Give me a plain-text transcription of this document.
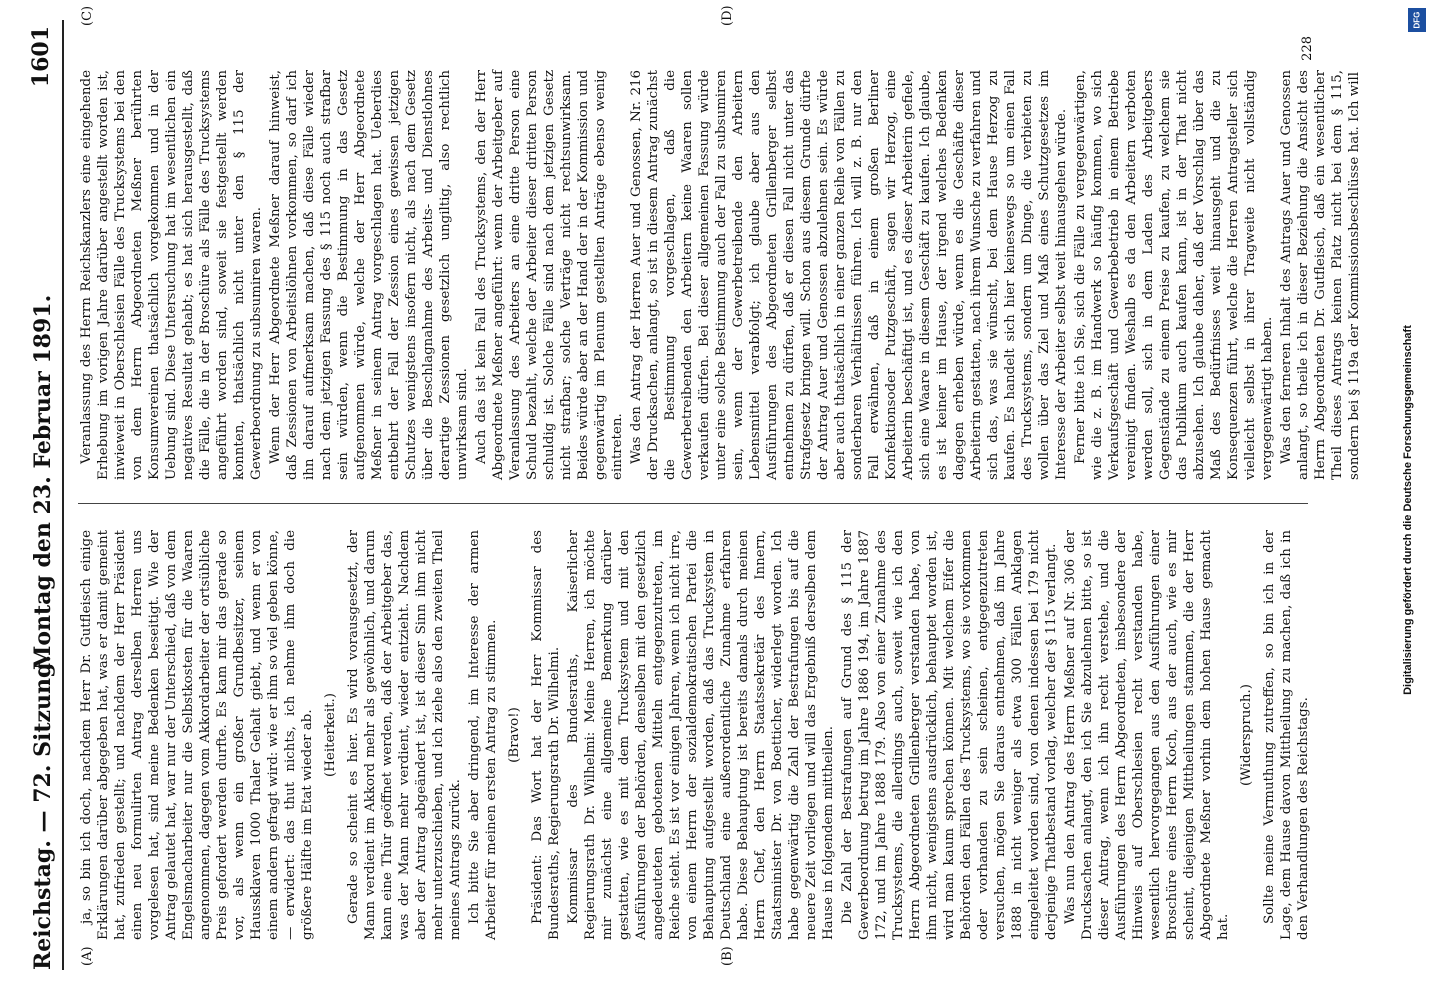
Reichstag. — 72. Sitzung.
Montag den 23. Februar 1891.
1601
(A)	(B)
(C)	(D)

ja, so bin ich doch, nachdem Herr Dr. Gutfleisch einige Erklärungen darüber abgegeben hat, was er damit gemeint hat, zufrieden gestellt; und nachdem der Herr Präsident einen neu formulirten Antrag derselben Herren uns vorgelesen hat, sind meine Bedenken beseitigt. Wie der Antrag gelautet hat, war nur der Unterschied, daß von dem Engelsmacharbeiter nur die Selbstkosten für die Waaren angenommen, dagegen vom Akkordarbeiter der ortsübliche Preis gefordert werden durfte. Es kam mir das gerade so vor, als wenn ein großer Grundbesitzer, seinem Haussklaven 1000 Thaler Gehalt giebt, und wenn er von einem andern gefragt wird: wie er ihm so viel geben könne, — erwidert: das thut nichts, ich nehme ihm doch die größere Hälfte im Etat wieder ab. (Heiterkeit.) Gerade so scheint es hier. Es wird vorausgesetzt, der Mann verdient im Akkord mehr als gewöhnlich, und darum kann eine Thür geöffnet werden, daß der Arbeitgeber das, was der Mann mehr verdient, wieder entzieht. Nachdem aber der Antrag abgeändert ist, ist dieser Sinn ihm nicht mehr unterzuschieben, und ich ziehe also den zweiten Theil meines Antrags zurück. Ich bitte Sie aber dringend, im Interesse der armen Arbeiter für meinen ersten Antrag zu stimmen. (Bravo!) Präsident: Das Wort hat der Herr Kommissar des Bundesraths, Regierungsrath Dr. Wilhelmi. Kommissar des Bundesraths, Kaiserlicher Regierungsrath Dr. Wilhelmi: Meine Herren, ich möchte mir zunächst eine allgemeine Bemerkung darüber gestatten, wie es mit dem Trucksystem und mit den Ausführungen der Behörden, denselben mit den gesetzlich angedeuteten gebotenen Mitteln entgegenzutreten, im Reiche steht. Es ist vor einigen Jahren, wenn ich nicht irre, von einem Herrn der sozialdemokratischen Partei die Behauptung aufgestellt worden, daß das Trucksystem in Deutschland eine außerordentliche Zunahme erfahren habe. Diese Behauptung ist bereits damals durch meinen Herrn Chef, den Herrn Staatssekretär des Innern, Staatsminister Dr. von Boetticher, widerlegt worden. Ich habe gegenwärtig die Zahl der Bestrafungen bis auf die neuere Zeit vorliegen und will das Ergebniß derselben dem Hause in folgendem mittheilen. Die Zahl der Bestrafungen auf Grund des § 115 der Gewerbeordnung betrug im Jahre 1886 194, im Jahre 1887 172, und im Jahre 1888 179. Also von einer Zunahme des Trucksystems, die allerdings auch, soweit wie ich den Herrn Abgeordneten Grillenberger verstanden habe, von ihm nicht, wenigstens ausdrücklich, behauptet worden ist, wird man kaum sprechen können. Mit welchem Eifer die Behörden den Fällen des Trucksystems, wo sie vorkommen oder vorhanden zu sein scheinen, entgegenzutreten versuchen, mögen Sie daraus entnehmen, daß im Jahre 1888 in nicht weniger als etwa 300 Fällen Anklagen eingeleitet worden sind, von denen indessen bei 179 nicht derjenige Thatbestand vorlag, welcher der § 115 verlangt. Was nun den Antrag des Herrn Meßner auf Nr. 306 der Drucksachen anlangt, den ich Sie abzulehnen bitte, so ist dieser Antrag, wenn ich ihn recht verstehe, und die Ausführungen des Herrn Abgeordneten, insbesondere der Hinweis auf Oberschlesien recht verstanden habe, wesentlich hervorgegangen aus den Ausführungen einer Broschüre eines Herrn Koch, aus der auch, wie es mir scheint, diejenigen Mittheilungen stammen, die der Herr Abgeordnete Meßner vorhin dem hohen Hause gemacht hat.

(Widerspruch.) Sollte meine Vermuthung zutreffen, so bin ich in der Lage, dem Hause davon Mittheilung zu machen, daß ich in den Verhandlungen des Reichstags.

Veranlassung des Herrn Reichskanzlers eine eingehende Erhebung im vorigen Jahre darüber angestellt worden ist, inwieweit in Oberschlesien Fälle des Trucksystems bei den von dem Herrn Abgeordneten Meßner berührten Konsumvereinen thatsächlich vorgekommen und in der Uebung sind. Diese Untersuchung hat im wesentlichen ein negatives Resultat gehabt; es hat sich herausgestellt, daß die Fälle, die in der Broschüre als Fälle des Trucksystems angeführt worden sind, soweit sie festgestellt werden konnten, thatsächlich nicht unter den § 115 der Gewerbeordnung zu subsumiren waren. Wenn der Herr Abgeordnete Meßner darauf hinweist, daß Zessionen von Arbeitslöhnen vorkommen, so darf ich ihn darauf aufmerksam machen, daß diese Fälle wieder nach dem jetzigen Fassung des § 115 noch auch strafbar sein würden, wenn die Bestimmung in das Gesetz aufgenommen würde, welche der Herr Abgeordnete Meßner in seinem Antrag vorgeschlagen hat. Ueberdies entbehrt der Fall der Zession eines gewissen jetzigen Schutzes wenigstens insofern nicht, als nach dem Gesetz über die Beschlagnahme des Arbeits- und Dienstlohnes derartige Zessionen gesetzlich ungiltig, also rechtlich unwirksam sind. Auch das ist kein Fall des Trucksystems, den der Herr Abgeordnete Meßner angeführt: wenn der Arbeitgeber auf Veranlassung des Arbeiters an eine dritte Person eine Schuld bezahlt, welche der Arbeiter dieser dritten Person schuldig ist. Solche Fälle sind nach dem jetzigen Gesetz nicht strafbar; solche Verträge nicht rechtsunwirksam. Beides würde aber an der Hand der in der Kommission und gegenwärtig im Plenum gestellten Anträge ebenso wenig eintreten. Was den Antrag der Herren Auer und Genossen, Nr. 216 der Drucksachen, anlangt, so ist in diesem Antrag zunächst die Bestimmung vorgeschlagen, daß die Gewerbetreibenden den Arbeitern keine Waaren sollen verkaufen dürfen. Bei dieser allgemeinen Fassung würde unter eine solche Bestimmung auch der Fall zu subsumiren sein, wenn der Gewerbetreibende den Arbeitern Lebensmittel verabfolgt; ich glaube aber aus den Ausführungen des Abgeordneten Grillenberger selbst entnehmen zu dürfen, daß er diesen Fall nicht unter das Strafgesetz bringen will. Schon aus diesem Grunde dürfte der Antrag Auer und Genossen abzulehnen sein. Es würde aber auch thatsächlich in einer ganzen Reihe von Fällen zu sonderbaren Verhältnissen führen. Ich will z. B. nur den Fall erwähnen, daß in einem großen Berliner Konfektionsoder Putzgeschäft, sagen wir Herzog, eine Arbeiterin beschäftigt ist, und es dieser Arbeiterin gefiele, sich eine Waare in diesem Geschäft zu kaufen. Ich glaube, es ist keiner im Hause, der irgend welches Bedenken dagegen erheben würde, wenn es die Geschäfte dieser Arbeiterin gestatten, nach ihrem Wunsche zu verfahren und sich das, was sie wünscht, bei dem Hause Herzog zu kaufen. Es handelt sich hier keineswegs so um einen Fall des Trucksystems, sondern um Dinge, die verbieten zu wollen über das Ziel und Maß eines Schutzgesetzes im Interesse der Arbeiter selbst weit hinausgehen würde. Ferner bitte ich Sie, sich die Fälle zu vergegenwärtigen, wie die z. B. im Handwerk so häufig kommen, wo sich Verkaufsgeschäft und Gewerbebetrieb in einem Betriebe vereinigt finden. Weshalb es da den Arbeitern verboten werden soll, sich in dem Laden des Arbeitgebers Gegenstände zu einem Preise zu kaufen, zu welchem sie das Publikum auch kaufen kann, ist in der That nicht abzusehen. Ich glaube daher, daß der Vorschlag über das Maß des Bedürfnisses weit hinausgeht und die zu Konsequenzen führt, welche die Herren Antragsteller sich vielleicht selbst in ihrer Tragweite nicht vollständig vergegenwärtigt haben. Was den ferneren Inhalt des Antrags Auer und Genossen anlangt, so theile ich in dieser Beziehung die Ansicht des Herrn Abgeordneten Dr. Gutfleisch, daß ein wesentlicher Theil dieses Antrags keinen Platz nicht bei dem § 115, sondern bei § 119a der Kommissionsbeschlüsse hat. Ich will

228
DFG
Digitalisierung gefördert durch die Deutsche Forschungsgemeinschaft
